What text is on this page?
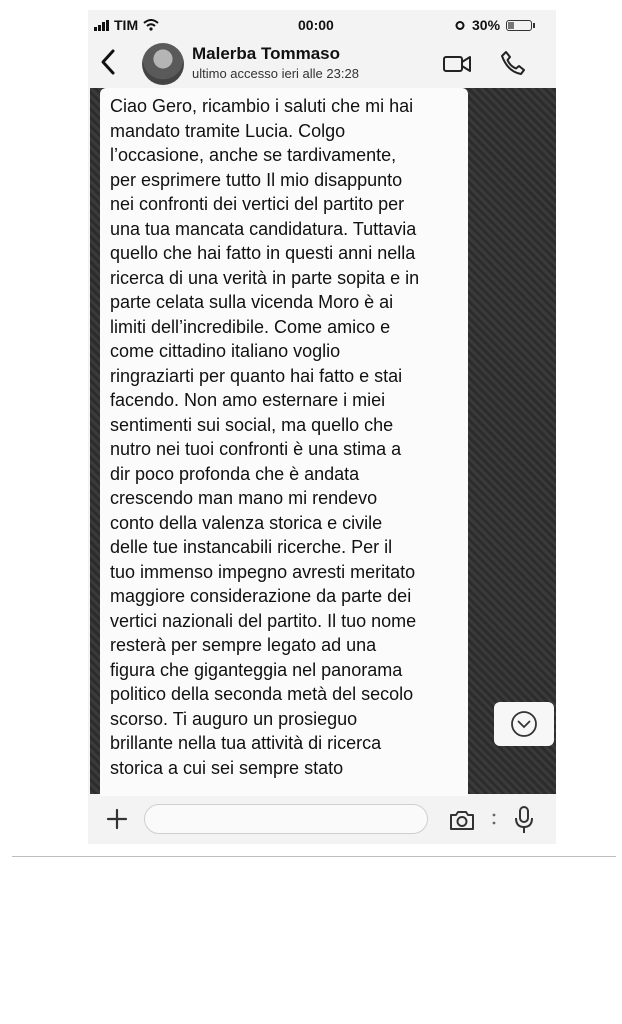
TIM	00:00	30%
Malerba Tommaso
ultimo accesso ieri alle 23:28

Ciao Gero, ricambio i saluti che mi hai
mandato tramite Lucia. Colgo
l’occasione, anche se tardivamente,
per esprimere tutto Il mio disappunto
nei confronti dei vertici del partito per
una tua mancata candidatura. Tuttavia
quello che hai fatto in questi anni nella
ricerca di una verità in parte sopita e in
parte celata sulla vicenda Moro è ai
limiti dell’incredibile. Come amico e
come cittadino italiano voglio
ringraziarti per quanto hai fatto e stai
facendo. Non amo esternare i miei
sentimenti sui social, ma quello che
nutro nei tuoi confronti è una stima a
dir poco profonda che è andata
crescendo man mano mi rendevo
conto della valenza storica e civile
delle tue instancabili ricerche. Per il
tuo immenso impegno avresti meritato
maggiore considerazione da parte dei
vertici nazionali del partito. Il tuo nome
resterà per sempre legato ad una
figura che giganteggia nel panorama
politico della seconda metà del secolo
scorso. Ti auguro un prosieguo
brillante nella tua attività di ricerca
storica a cui sei sempre stato
